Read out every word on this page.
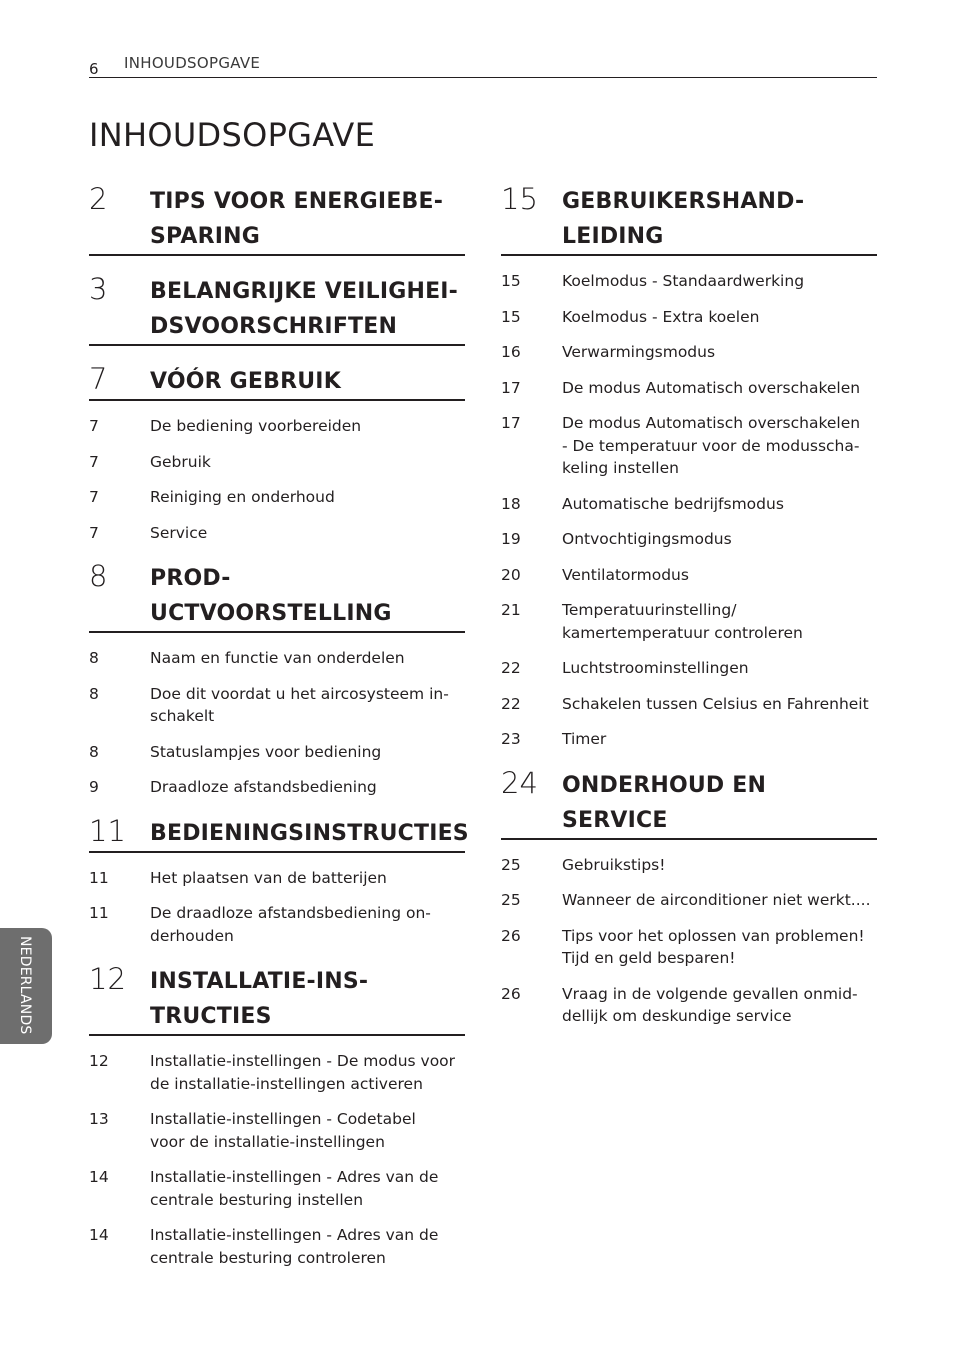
6 INHOUDSOPGAVE
INHOUDSOPGAVE
2 TIPS VOOR ENERGIEBE-
SPARING
3 BELANGRIJKE VEILIGHEI-
DSVOORSCHRIFTEN
7 VÓÓR GEBRUIK
7	De bediening voorbereiden
7	Gebruik
7	Reiniging en onderhoud
7	Service
8 PROD-
UCTVOORSTELLING
8	Naam en functie van onderdelen
8	Doe dit voordat u het aircosysteem in-
schakelt
8	Statuslampjes voor bediening
9	Draadloze afstandsbediening
11 BEDIENINGSINSTRUCTIES
11	Het plaatsen van de batterijen
11	De draadloze afstandsbediening on-
derhouden
12 INSTALLATIE-INS-
TRUCTIES
12	Installatie-instellingen - De modus voor
de installatie-instellingen activeren
13	Installatie-instellingen - Codetabel
voor de installatie-instellingen
14	Installatie-instellingen - Adres van de
centrale besturing instellen
14	Installatie-instellingen - Adres van de
centrale besturing controleren
15 GEBRUIKERSHAND-
LEIDING
15	Koelmodus - Standaardwerking
15	Koelmodus - Extra koelen
16	Verwarmingsmodus
17	De modus Automatisch overschakelen
17	De modus Automatisch overschakelen
- De temperatuur voor de modusscha-
keling instellen
18	Automatische bedrijfsmodus
19	Ontvochtigingsmodus
20	Ventilatormodus
21	Temperatuurinstelling/
kamertemperatuur controleren
22	Luchtstroominstellingen
22	Schakelen tussen Celsius en Fahrenheit
23	Timer
24 ONDERHOUD EN
SERVICE
25	Gebruikstips!
25	Wanneer de airconditioner niet werkt....
26	Tips voor het oplossen van problemen!
Tijd en geld besparen!
26	Vraag in de volgende gevallen onmid-
dellijk om deskundige service
NEDERLANDS
